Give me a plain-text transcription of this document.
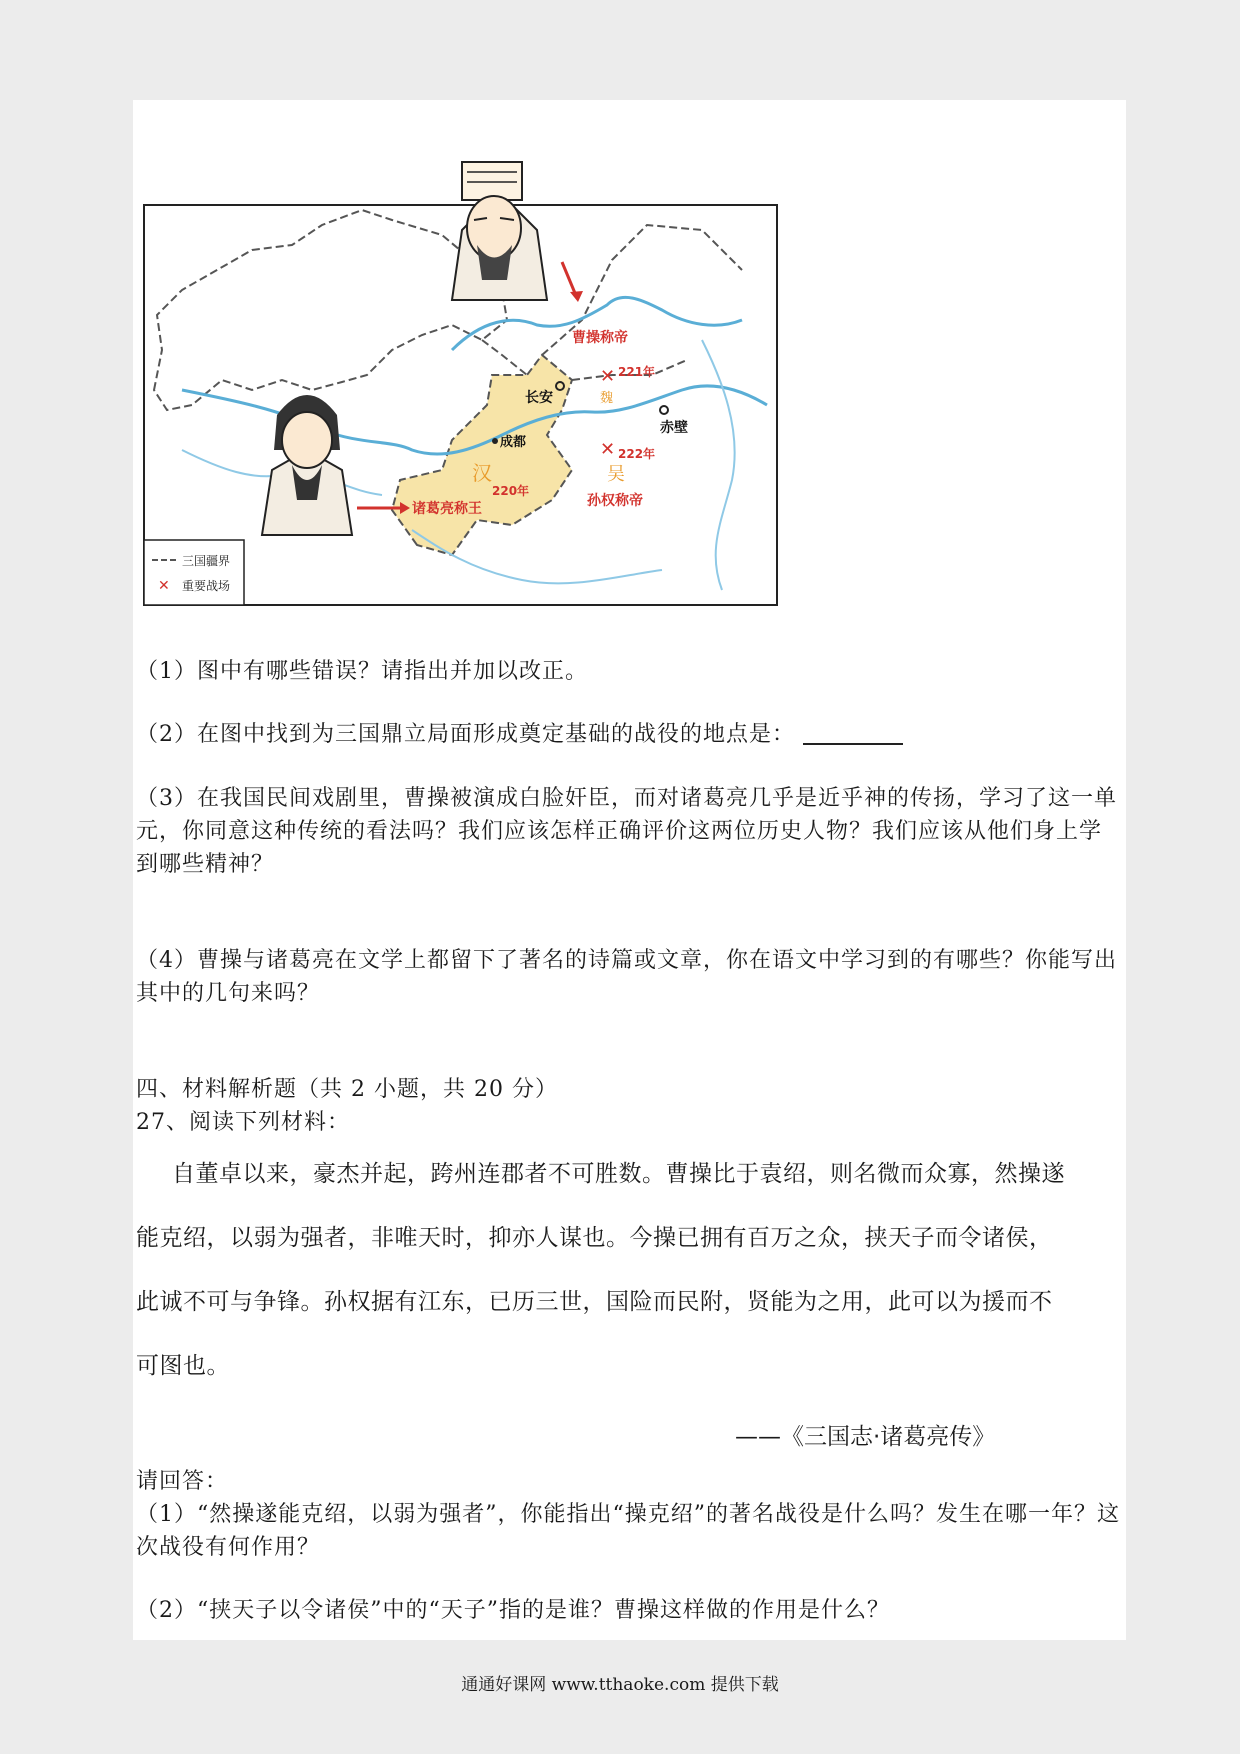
✕
✕
曹操称帝
221年
魏
长安
赤壁
成都
222年
汉	吴
220年
孙权称帝
诸葛亮称王
三国疆界
✕ 重要战场

（1）图中有哪些错误？请指出并加以改正。

（2）在图中找到为三国鼎立局面形成奠定基础的战役的地点是：

（3）在我国民间戏剧里，曹操被演成白脸奸臣，而对诸葛亮几乎是近乎神的传扬，学习了这一单元，你同意这种传统的看法吗？我们应该怎样正确评价这两位历史人物？我们应该从他们身上学到哪些精神？

（4）曹操与诸葛亮在文学上都留下了著名的诗篇或文章，你在语文中学习到的有哪些？你能写出其中的几句来吗？

四、材料解析题（共 2 小题，共 20 分）

27、阅读下列材料：

自董卓以来，豪杰并起，跨州连郡者不可胜数。曹操比于袁绍，则名微而众寡，然操遂

能克绍，以弱为强者，非唯天时，抑亦人谋也。今操已拥有百万之众，挟天子而令诸侯，

此诚不可与争锋。孙权据有江东，已历三世，国险而民附，贤能为之用，此可以为援而不

可图也。

——《三国志·诸葛亮传》

请回答：

（1）“然操遂能克绍，以弱为强者”，你能指出“操克绍”的著名战役是什么吗？发生在哪一年？这次战役有何作用？

（2）“挟天子以令诸侯”中的“天子”指的是谁？曹操这样做的作用是什么？

通通好课网 www.tthaoke.com 提供下载
